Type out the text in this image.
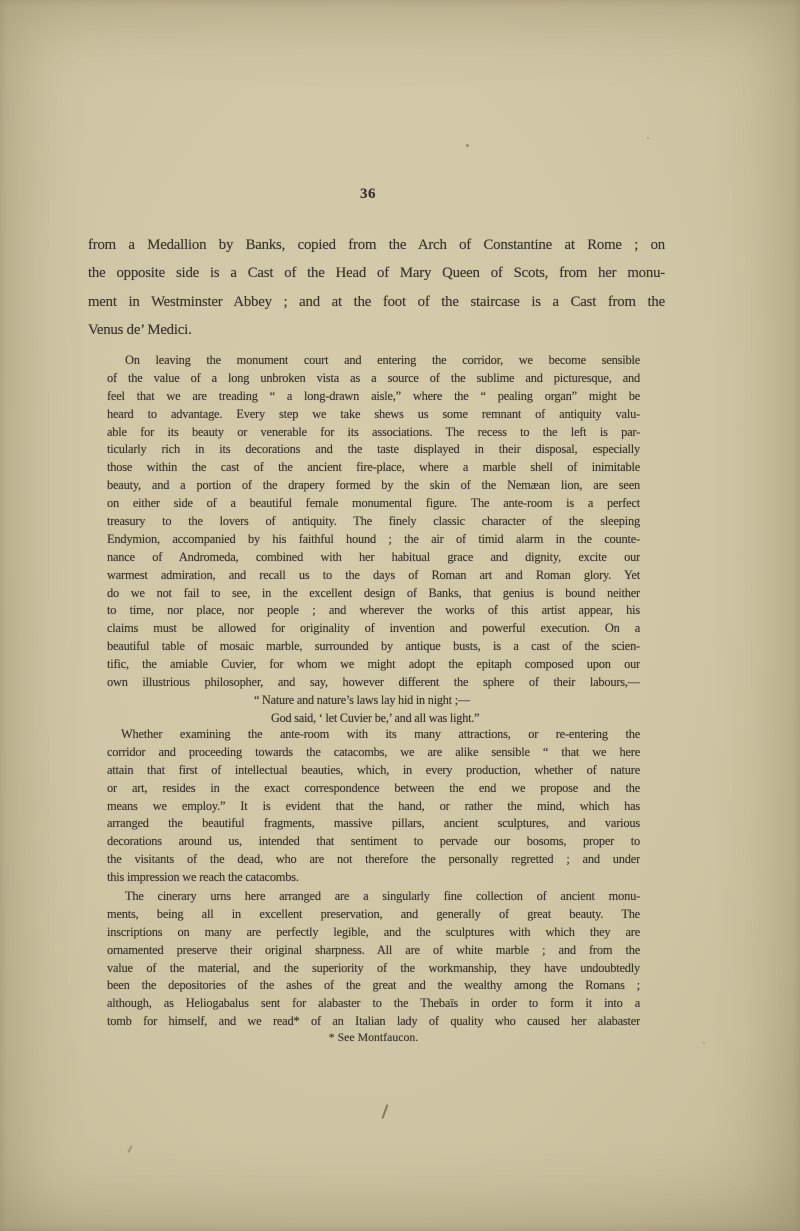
36
from a Medallion by Banks, copied from the Arch of Constantine at Rome ; on
the opposite side is a Cast of the Head of Mary Queen of Scots, from her monu-
ment in Westminster Abbey ; and at the foot of the staircase is a Cast from the
Venus de’ Medici.
On leaving the monument court and entering the corridor, we become sensible
of the value of a long unbroken vista as a source of the sublime and picturesque, and
feel that we are treading “ a long-drawn aisle,” where the “ pealing organ” might be
heard to advantage. Every step we take shews us some remnant of antiquity valu-
able for its beauty or venerable for its associations. The recess to the left is par-
ticularly rich in its decorations and the taste displayed in their disposal, especially
those within the cast of the ancient fire-place, where a marble shell of inimitable
beauty, and a portion of the drapery formed by the skin of the Nemæan lion, are seen
on either side of a beautiful female monumental figure. The ante-room is a perfect
treasury to the lovers of antiquity. The finely classic character of the sleeping
Endymion, accompanied by his faithful hound ; the air of timid alarm in the counte-
nance of Andromeda, combined with her habitual grace and dignity, excite our
warmest admiration, and recall us to the days of Roman art and Roman glory. Yet
do we not fail to see, in the excellent design of Banks, that genius is bound neither
to time, nor place, nor people ; and wherever the works of this artist appear, his
claims must be allowed for originality of invention and powerful execution. On a
beautiful table of mosaic marble, surrounded by antique busts, is a cast of the scien-
tific, the amiable Cuvier, for whom we might adopt the epitaph composed upon our
own illustrious philosopher, and say, however different the sphere of their labours,—
“ Nature and nature’s laws lay hid in night ;—
God said, ‘ let Cuvier be,’ and all was light.”
Whether examining the ante-room with its many attractions, or re-entering the
corridor and proceeding towards the catacombs, we are alike sensible “ that we here
attain that first of intellectual beauties, which, in every production, whether of nature
or art, resides in the exact correspondence between the end we propose and the
means we employ.” It is evident that the hand, or rather the mind, which has
arranged the beautiful fragments, massive pillars, ancient sculptures, and various
decorations around us, intended that sentiment to pervade our bosoms, proper to
the visitants of the dead, who are not therefore the personally regretted ; and under
this impression we reach the catacombs.
The cinerary urns here arranged are a singularly fine collection of ancient monu-
ments, being all in excellent preservation, and generally of great beauty. The
inscriptions on many are perfectly legible, and the sculptures with which they are
ornamented preserve their original sharpness. All are of white marble ; and from the
value of the material, and the superiority of the workmanship, they have undoubtedly
been the depositories of the ashes of the great and the wealthy among the Romans ;
although, as Heliogabalus sent for alabaster to the Thebaïs in order to form it into a
tomb for himself, and we read* of an Italian lady of quality who caused her alabaster
* See Montfaucon.
